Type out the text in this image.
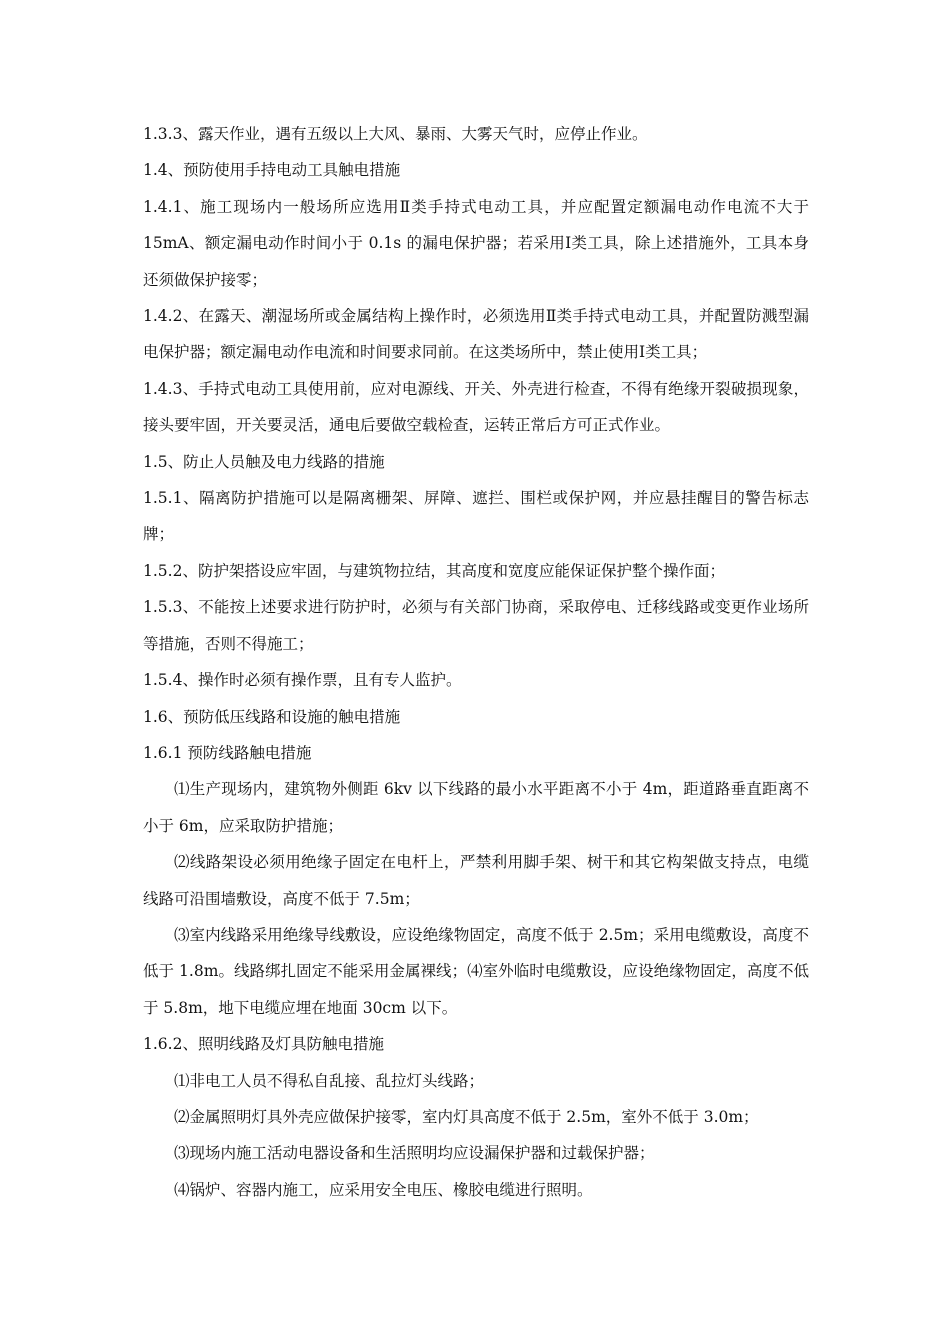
1.3.3、露天作业，遇有五级以上大风、暴雨、大雾天气时，应停止作业。

1.4、预防使用手持电动工具触电措施

1.4.1、施工现场内一般场所应选用Ⅱ类手持式电动工具，并应配置定额漏电动作电流不大于15mA、额定漏电动作时间小于 0.1s 的漏电保护器；若采用Ⅰ类工具，除上述措施外，工具本身还须做保护接零；

1.4.2、在露天、潮湿场所或金属结构上操作时，必须选用Ⅱ类手持式电动工具，并配置防溅型漏电保护器；额定漏电动作电流和时间要求同前。在这类场所中，禁止使用Ⅰ类工具；

1.4.3、手持式电动工具使用前，应对电源线、开关、外壳进行检查，不得有绝缘开裂破损现象，接头要牢固，开关要灵活，通电后要做空载检查，运转正常后方可正式作业。

1.5、防止人员触及电力线路的措施

1.5.1、隔离防护措施可以是隔离栅架、屏障、遮拦、围栏或保护网，并应悬挂醒目的警告标志牌；

1.5.2、防护架搭设应牢固，与建筑物拉结，其高度和宽度应能保证保护整个操作面；

1.5.3、不能按上述要求进行防护时，必须与有关部门协商，采取停电、迁移线路或变更作业场所等措施，否则不得施工；

1.5.4、操作时必须有操作票，且有专人监护。

1.6、预防低压线路和设施的触电措施

1.6.1 预防线路触电措施

⑴生产现场内，建筑物外侧距 6kv 以下线路的最小水平距离不小于 4m，距道路垂直距离不小于 6m，应采取防护措施；

⑵线路架设必须用绝缘子固定在电杆上，严禁利用脚手架、树干和其它构架做支持点，电缆线路可沿围墙敷设，高度不低于 7.5m；

⑶室内线路采用绝缘导线敷设，应设绝缘物固定，高度不低于 2.5m；采用电缆敷设，高度不低于 1.8m。线路绑扎固定不能采用金属裸线；⑷室外临时电缆敷设，应设绝缘物固定，高度不低于 5.8m，地下电缆应埋在地面 30cm 以下。

1.6.2、照明线路及灯具防触电措施

⑴非电工人员不得私自乱接、乱拉灯头线路；

⑵金属照明灯具外壳应做保护接零，室内灯具高度不低于 2.5m，室外不低于 3.0m；

⑶现场内施工活动电器设备和生活照明均应设漏保护器和过载保护器；

⑷锅炉、容器内施工，应采用安全电压、橡胶电缆进行照明。
